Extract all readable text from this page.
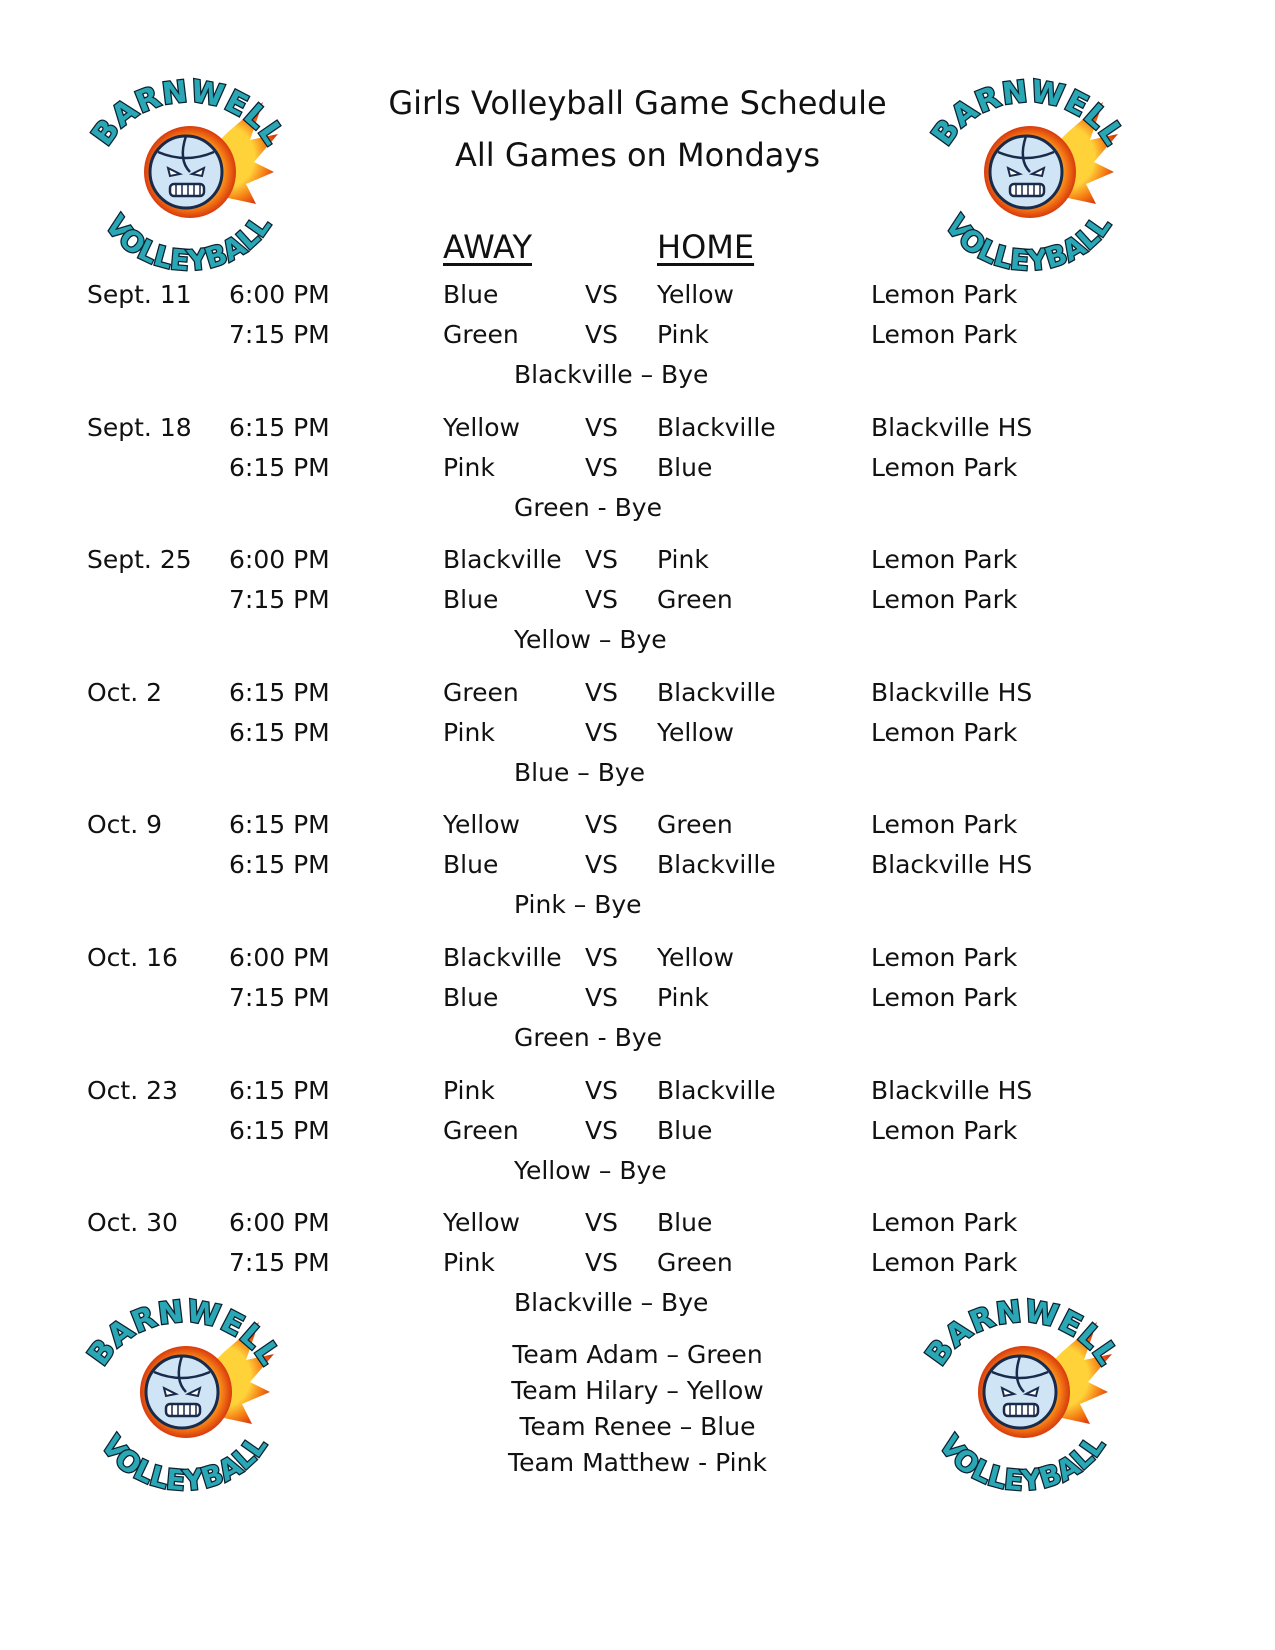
BARNWELL
VOLLEYBALL
BARNWELL
VOLLEYBALL
BARNWELL
VOLLEYBALL
BARNWELL
VOLLEYBALL
Girls Volleyball Game Schedule
All Games on Mondays
AWAY	HOME
Sept. 11 6:00 PM	Blue	VS Yellow	Lemon Park
7:15 PM	Green	VS Pink	Lemon Park
Blackville – Bye
Sept. 18 6:15 PM	Yellow	VS Blackville	Blackville HS
6:15 PM	Pink	VS Blue	Lemon Park
Green - Bye
Sept. 25 6:00 PM	Blackville VS Pink	Lemon Park
7:15 PM	Blue	VS Green	Lemon Park
Yellow – Bye
Oct. 2	6:15 PM	Green	VS Blackville	Blackville HS
6:15 PM	Pink	VS Yellow	Lemon Park
Blue – Bye
Oct. 9	6:15 PM	Yellow	VS Green	Lemon Park
6:15 PM	Blue	VS Blackville	Blackville HS
Pink – Bye
Oct. 16 6:00 PM	Blackville VS Yellow	Lemon Park
7:15 PM	Blue	VS Pink	Lemon Park
Green - Bye
Oct. 23 6:15 PM	Pink	VS Blackville	Blackville HS
6:15 PM	Green	VS Blue	Lemon Park
Yellow – Bye
Oct. 30 6:00 PM	Yellow	VS Blue	Lemon Park
7:15 PM	Pink	VS Green	Lemon Park
Blackville – Bye
Team Adam – Green
Team Hilary – Yellow
Team Renee – Blue
Team Matthew - Pink
